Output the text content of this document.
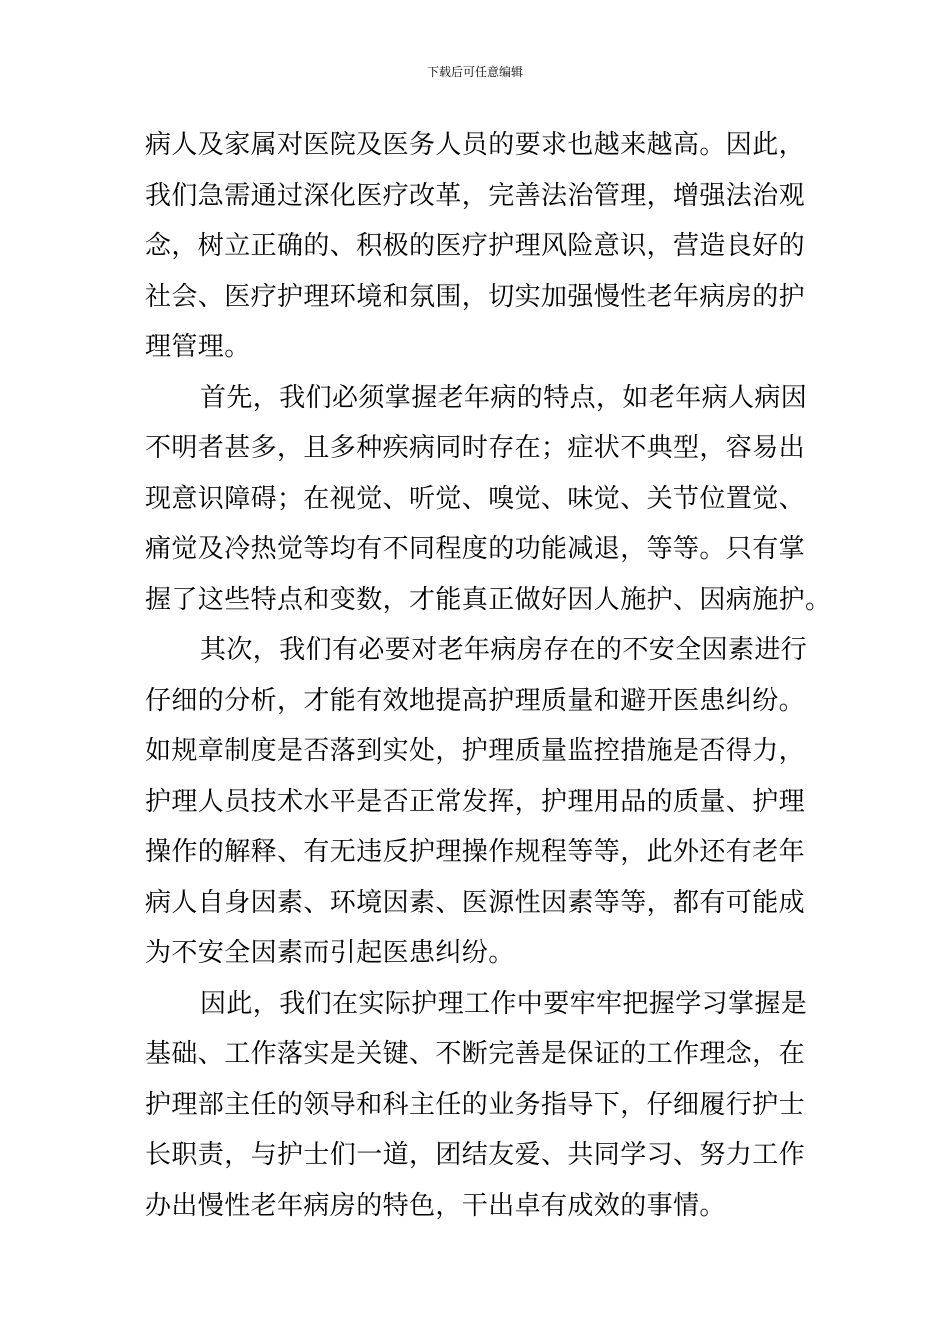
下载后可任意编辑
病人及家属对医院及医务人员的要求也越来越高。因此，
我们急需通过深化医疗改革，完善法治管理，增强法治观
念，树立正确的、积极的医疗护理风险意识，营造良好的
社会、医疗护理环境和氛围，切实加强慢性老年病房的护
理管理。
首先，我们必须掌握老年病的特点，如老年病人病因
不明者甚多，且多种疾病同时存在；症状不典型，容易出
现意识障碍；在视觉、听觉、嗅觉、味觉、关节位置觉、
痛觉及冷热觉等均有不同程度的功能减退，等等。只有掌
握了这些特点和变数，才能真正做好因人施护、因病施护。
其次，我们有必要对老年病房存在的不安全因素进行
仔细的分析，才能有效地提高护理质量和避开医患纠纷。
如规章制度是否落到实处，护理质量监控措施是否得力，
护理人员技术水平是否正常发挥，护理用品的质量、护理
操作的解释、有无违反护理操作规程等等，此外还有老年
病人自身因素、环境因素、医源性因素等等，都有可能成
为不安全因素而引起医患纠纷。
因此，我们在实际护理工作中要牢牢把握学习掌握是
基础、工作落实是关键、不断完善是保证的工作理念，在
护理部主任的领导和科主任的业务指导下，仔细履行护士
长职责，与护士们一道，团结友爱、共同学习、努力工作
办出慢性老年病房的特色，干出卓有成效的事情。
